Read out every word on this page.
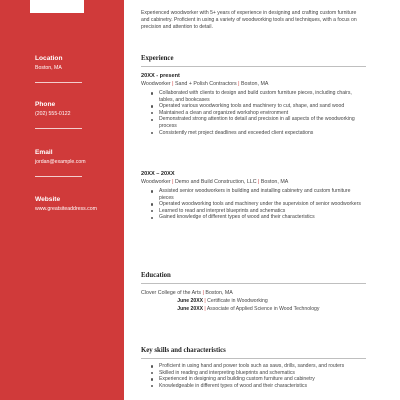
Location
Boston, MA
Phone
(202) 555-0122
Email
jordan@example.com
Website
www.greatsiteaddress.com
Experienced woodworker with 5+ years of experience in designing and crafting custom furniture and cabinetry. Proficient in using a variety of woodworking tools and techniques, with a focus on precision and attention to detail.
Experience
20XX - present
Woodworker | Sand + Polish Contractors | Boston, MA
Collaborated with clients to design and build custom furniture pieces, including chairs, tables, and bookcases
Operated various woodworking tools and machinery to cut, shape, and sand wood
Maintained a clean and organized workshop environment
Demonstrated strong attention to detail and precision in all aspects of the woodworking process
Consistently met project deadlines and exceeded client expectations
20XX – 20XX
Woodworker | Demo and Build Construction, LLC | Boston, MA
Assisted senior woodworkers in building and installing cabinetry and custom furniture pieces
Operated woodworking tools and machinery under the supervision of senior woodworkers
Learned to read and interpret blueprints and schematics
Gained knowledge of different types of wood and their characteristics
Education
Clover College of the Arts | Boston, MA
June 20XX | Certificate in Woodworking
June 20XX | Associate of Applied Science in Wood Technology
Key skills and characteristics
Proficient in using hand and power tools such as saws, drills, sanders, and routers
Skilled in reading and interpreting blueprints and schematics
Experienced in designing and building custom furniture and cabinetry
Knowledgeable in different types of wood and their characteristics
